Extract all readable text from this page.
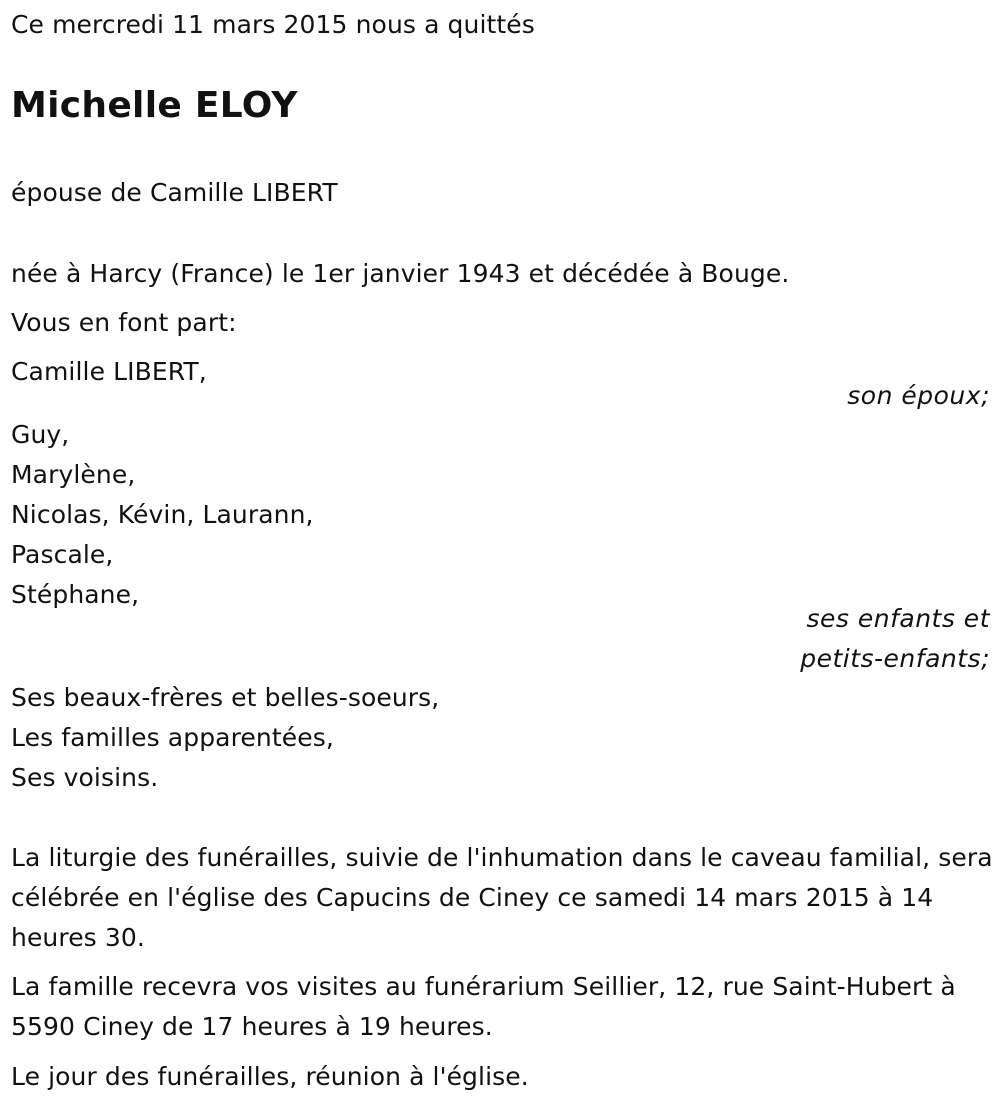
Ce mercredi 11 mars 2015 nous a quittés
Michelle ELOY
épouse de Camille LIBERT
née à Harcy (France) le 1er janvier 1943 et décédée à Bouge.
Vous en font part:
Camille LIBERT,
son époux;
Guy,
Marylène,
Nicolas, Kévin, Laurann,
Pascale,
Stéphane,
ses enfants et
petits-enfants;
Ses beaux-frères et belles-soeurs,
Les familles apparentées,
Ses voisins.
La liturgie des funérailles, suivie de l'inhumation dans le caveau familial, sera célébrée en l'église des Capucins de Ciney ce samedi 14 mars 2015 à 14 heures 30.
La famille recevra vos visites au funérarium Seillier, 12, rue Saint-Hubert à 5590 Ciney de 17 heures à 19 heures.
Le jour des funérailles, réunion à l'église.
